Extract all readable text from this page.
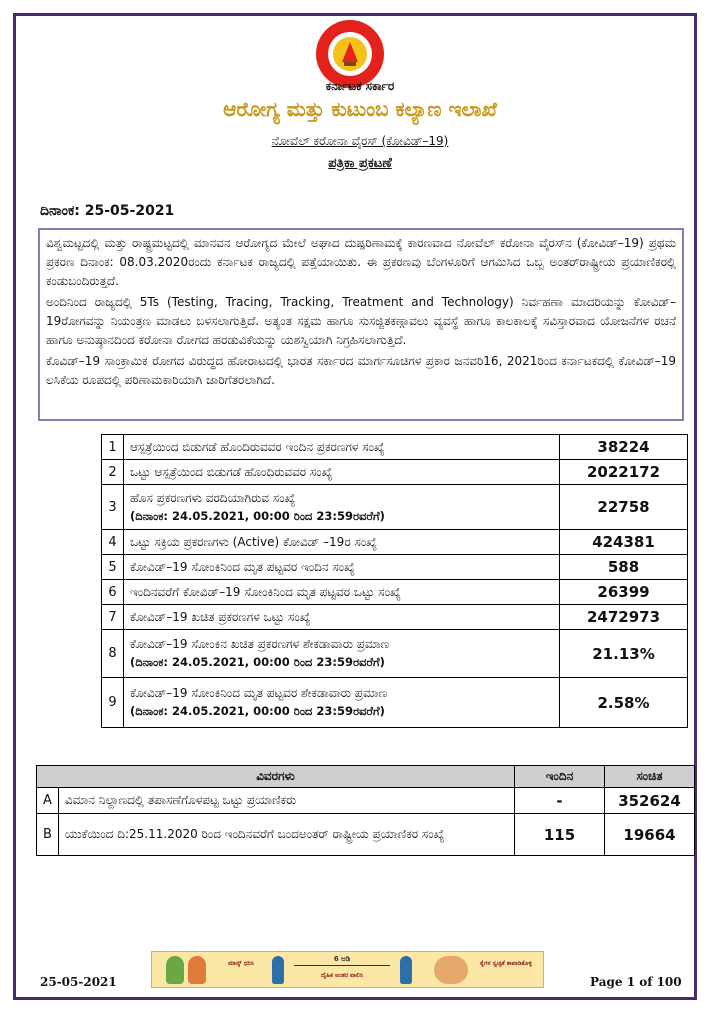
ಕರ್ನಾಟಕ ಸರ್ಕಾರ
ಆರೋಗ್ಯ ಮತ್ತು ಕುಟುಂಬ ಕಲ್ಯಾಣ ಇಲಾಖೆ
ನೋವೆಲ್ ಕರೋನಾ ವೈರಸ್ (ಕೋವಿಡ್–19)
ಪತ್ರಿಕಾ ಪ್ರಕಟಣೆ
ದಿನಾಂಕ: 25-05-2021

ವಿಶ್ವಮಟ್ಟದಲ್ಲಿ ಮತ್ತು ರಾಷ್ಟ್ರಮಟ್ಟದಲ್ಲಿ ಮಾನವನ ಆರೋಗ್ಯದ ಮೇಲೆ ಅಘಾದ ದುಷ್ಪರಿಣಾಮಕ್ಕೆ ಕಾರಣವಾದ ನೋವೆಲ್ ಕರೋನಾ ವೈರಸ್‌ನ (ಕೋವಿಡ್–19) ಪ್ರಥಮ ಪ್ರಕರಣ ದಿನಾಂಕ: 08.03.2020ರಂದು ಕರ್ನಾಟಕ ರಾಜ್ಯದಲ್ಲಿ ಪತ್ತೆಯಾಯಿತು. ಈ ಪ್ರಕರಣವು ಬೆಂಗಳೂರಿಗೆ ಆಗಮಿಸಿದ ಒಬ್ಬ ಅಂತರ್‌ರಾಷ್ಟ್ರೀಯ ಪ್ರಯಾಣಿಕರಲ್ಲಿ ಕಂಡುಬಂದಿರುತ್ತದೆ.

ಅಂದಿನಿಂದ ರಾಜ್ಯದಲ್ಲಿ 5Ts (Testing, Tracing, Tracking, Treatment and Technology) ನಿರ್ವಹಣಾ ಮಾದರಿಯನ್ನು ಕೋವಿಡ್–19ರೋಗವನ್ನು ನಿಯಂತ್ರಣ ಮಾಡಲು ಬಳಸಲಾಗುತ್ತಿದೆ. ಅತ್ಯಂತ ಸಕ್ಷಮ ಹಾಗೂ ಸುಸಜ್ಜಿತಕಣ್ಗಾವಲು ವ್ಯವಸ್ಥೆ ಹಾಗೂ ಕಾಲಕಾಲಕ್ಕೆ ಸವಿಸ್ತಾರವಾದ ಯೋಜನೆಗಳ ರಚನೆ ಹಾಗೂ ಅನುಷ್ಠಾನದಿಂದ ಕರೋನಾ ರೋಗದ ಹರಡುವಿಕೆಯನ್ನು ಯಶಸ್ವಿಯಾಗಿ ನಿಗ್ರಹಿಸಲಾಗುತ್ತಿದೆ.

ಕೊವಿಡ್–19 ಸಾಂಕ್ರಾಮಿಕ ರೋಗದ ವಿರುದ್ಧದ ಹೋರಾಟದಲ್ಲಿ ಭಾರತ ಸರ್ಕಾರದ ಮಾರ್ಗಸೂಚಿಗಳ ಪ್ರಕಾರ ಜನವರಿ16, 2021ರಿಂದ ಕರ್ನಾಟಕದಲ್ಲಿ ಕೋವಿಡ್–19 ಲಸಿಕೆಯ ರೂಪದಲ್ಲಿ ಪರಿಣಾಮಕಾರಿಯಾಗಿ ಜಾರಿಗೆತರಲಾಗಿದೆ.

1	ಆಸ್ಪತ್ರೆಯಿಂದ ಬಿಡುಗಡೆ ಹೊಂದಿರುವವರ ಇಂದಿನ ಪ್ರಕರಣಗಳ ಸಂಖ್ಯೆ	38224
2	ಒಟ್ಟು ಆಸ್ಪತ್ರೆಯಿಂದ ಬಿಡುಗಡೆ ಹೊಂದಿರುವವರ ಸಂಖ್ಯೆ	2022172
3	ಹೊಸ ಪ್ರಕರಣಗಳು ವರದಿಯಾಗಿರುವ ಸಂಖ್ಯೆ
(ದಿನಾಂಕ: 24.05.2021, 00:00 ರಿಂದ 23:59ರವರೆಗೆ)	22758
4	ಒಟ್ಟು ಸಕ್ರಿಯ ಪ್ರಕರಣಗಳು (Active) ಕೋವಿಡ್ –19ರ ಸಂಖ್ಯೆ	424381
5	ಕೋವಿಡ್–19 ಸೋಂಕಿನಿಂದ ಮೃತ ಪಟ್ಟವರ ಇಂದಿನ ಸಂಖ್ಯೆ	588
6	ಇಂದಿನವರೆಗೆ ಕೋವಿಡ್–19 ಸೋಂಕಿನಿಂದ ಮೃತ ಪಟ್ಟವರ ಒಟ್ಟು ಸಂಖ್ಯೆ	26399
7	ಕೋವಿಡ್–19 ಖಚಿತ ಪ್ರಕರಣಗಳ ಒಟ್ಟು ಸಂಖ್ಯೆ	2472973
8	ಕೋವಿಡ್–19 ಸೋಂಕಿನ ಖಚಿತ ಪ್ರಕರಣಗಳ ಶೇಕಡಾವಾರು ಪ್ರಮಾಣ
(ದಿನಾಂಕ: 24.05.2021, 00:00 ರಿಂದ 23:59ರವರೆಗೆ)	21.13%
9	ಕೋವಿಡ್–19 ಸೋಂಕಿನಿಂದ ಮೃತ ಪಟ್ಟವರ ಶೇಕಡಾವಾರು ಪ್ರಮಾಣ
(ದಿನಾಂಕ: 24.05.2021, 00:00 ರಿಂದ 23:59ರವರೆಗೆ)	2.58%
ವಿವರಗಳು		ಇಂದಿನ	ಸಂಚಿತ
A	ವಿಮಾನ ನಿಲ್ದಾಣದಲ್ಲಿ ತಪಾಸಣೆಗೊಳಪಟ್ಟ ಒಟ್ಟು ಪ್ರಯಾಣಿಕರು	-	352624
B	ಯುಕೆಯಿಂದ ದಿ:25.11.2020 ರಿಂದ ಇಂದಿನವರೆಗೆ ಬಂದಅಂತರ್ ರಾಷ್ಟ್ರೀಯ ಪ್ರಯಾಣಿಕರ ಸಂಖ್ಯೆ	115	19664
ಮಾಸ್ಕ್ ಧರಿಸಿ
6 ಅಡಿ
ದೈಹಿಕ ಅಂತರ ಪಾಲಿಸಿ
ಕೈಗಳ ಸ್ವಚ್ಛತೆ ಕಾಪಾಡಿಕೊಳ್ಳಿ
25-05-2021	Page 1 of 100
